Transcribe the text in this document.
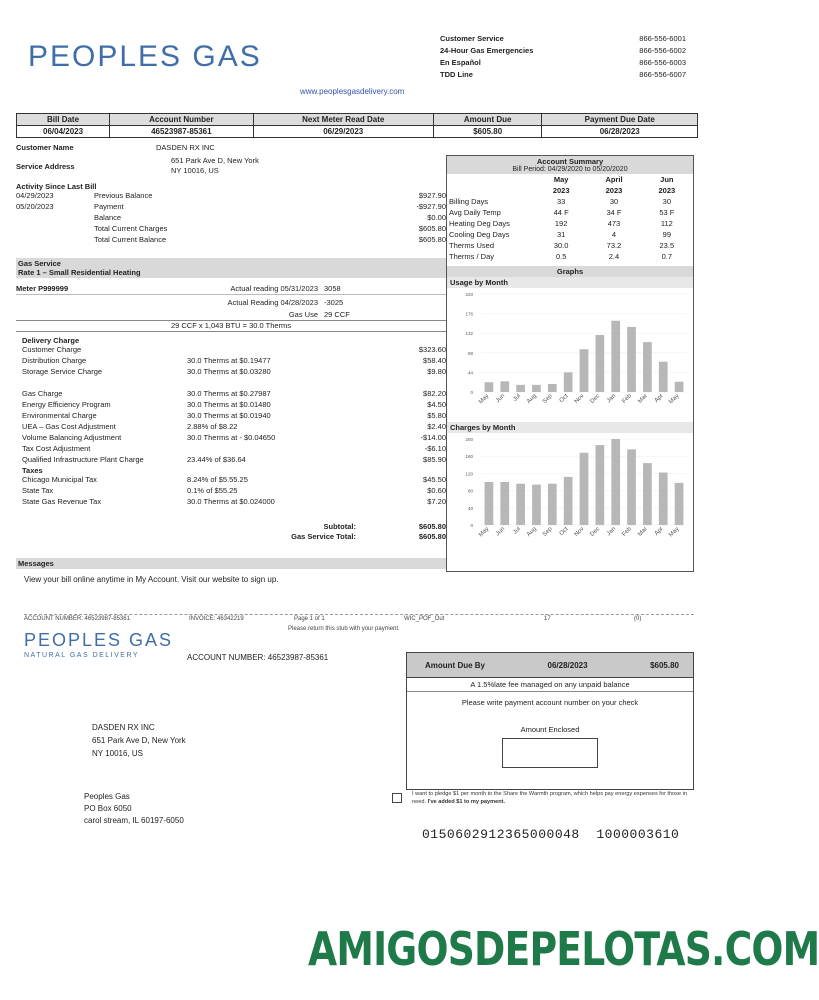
PEOPLES GAS
www.peoplesgasdelivery.com
Customer Service	866-556-6001
24-Hour Gas Emergencies	866-556-6002
En Español	866-556-6003
TDD Line	866-556-6007
Bill Date	Account Number	Next Meter Read Date	Amount Due	Payment Due Date
06/04/2023	46523987-85361	06/29/2023	$605.80	06/28/2023
Customer Name	DASDEN RX INC
Service Address
651 Park Ave D, New York
NY 10016, US
Activity Since Last Bill
04/29/2023	Previous Balance	$927.90
05/20/2023	Payment	-$927.90
Balance	$0.00
Total Current Charges	$605.80
Total Current Balance	$605.80
Gas Service
Rate 1 – Small Residential Heating
Meter P999999	Actual reading 05/31/2023 3058
Actual Reading 04/28/2023 -3025
Gas Use 29 CCF
29 CCF x 1,043 BTU = 30.0 Therms
Delivery Charge
Customer Charge	$323.60
Distribution Charge	30.0 Therms at $0.19477	$58.40
Storage Service Charge	30.0 Therms at $0.03280	$9.80
Gas Charge	30.0 Therms at $0.27987	$82.20
Energy Efficiency Program	30.0 Therms at $0.01480	$4.50
Environmental Charge	30.0 Therms at $0.01940	$5.80
UEA – Gas Cost Adjustment	2.88% of $8.22	$2.40
Volume Balancing Adjustment	30.0 Therms at - $0.04650	-$14.00
Tax Cost Adjustment	-$6.10
Qualified Infrastructure Plant Charge	23.44% of $36.64	$85.90
Taxes
Chicago Municipal Tax	8.24% of $5.55.25	$45.50
State Tax	0.1% of $55.25	$0.60
State Gas Revenue Tax	30.0 Therms at $0.024000	$7.20
Subtotal:	$605.80
Gas Service Total:	$605.80
Messages
View your bill online anytime in My Account. Visit our website to sign up.
Account Summary
Bill Period: 04/29/2020 to 05/20/2020
	May	April	Jun
	2023	2023	2023
Billing Days	33	30	30
Avg Daily Temp	44 F	34 F	53 F
Heating Deg Days	192	473	112
Cooling Deg Days	31	4	99
Therms Used	30.0	73.2	23.5
Therms / Day	0.5	2.4	0.7
Graphs
Usage by Month
220
176
132
88
44
0
May Jun Jul Aug Sep Oct Nov Dec Jan Feb Mar Apr May
Charges by Month
200
160
120
80
40
0
May Jun Jul Aug Sep Oct Nov Dec Jan Feb Mar Apr May
ACCOUNT NUMBER: 46523987-85361	INVOICE: 46342219	Page 1 of 1	WIC_POF_Out	17	(0)
Please return this stub with your payment.
PEOPLES GAS
NATURAL GAS DELIVERY	ACCOUNT NUMBER: 46523987-85361
Amount Due By	06/28/2023	$605.80
A 1.5%late fee managed on any unpaid balance
Please write payment account number on your check
Amount Enclosed
I want to pledge $1 per month to the Share the Warmth program, which helps pay energy expenses for those in need. I've added $1 to my payment.
DASDEN RX INC
651 Park Ave D, New York
NY 10016, US
Peoples Gas
PO Box 6050
carol stream, IL 60197-6050
0150602912365000048 1000003610
AMIGOSDEPELOTAS.COM
